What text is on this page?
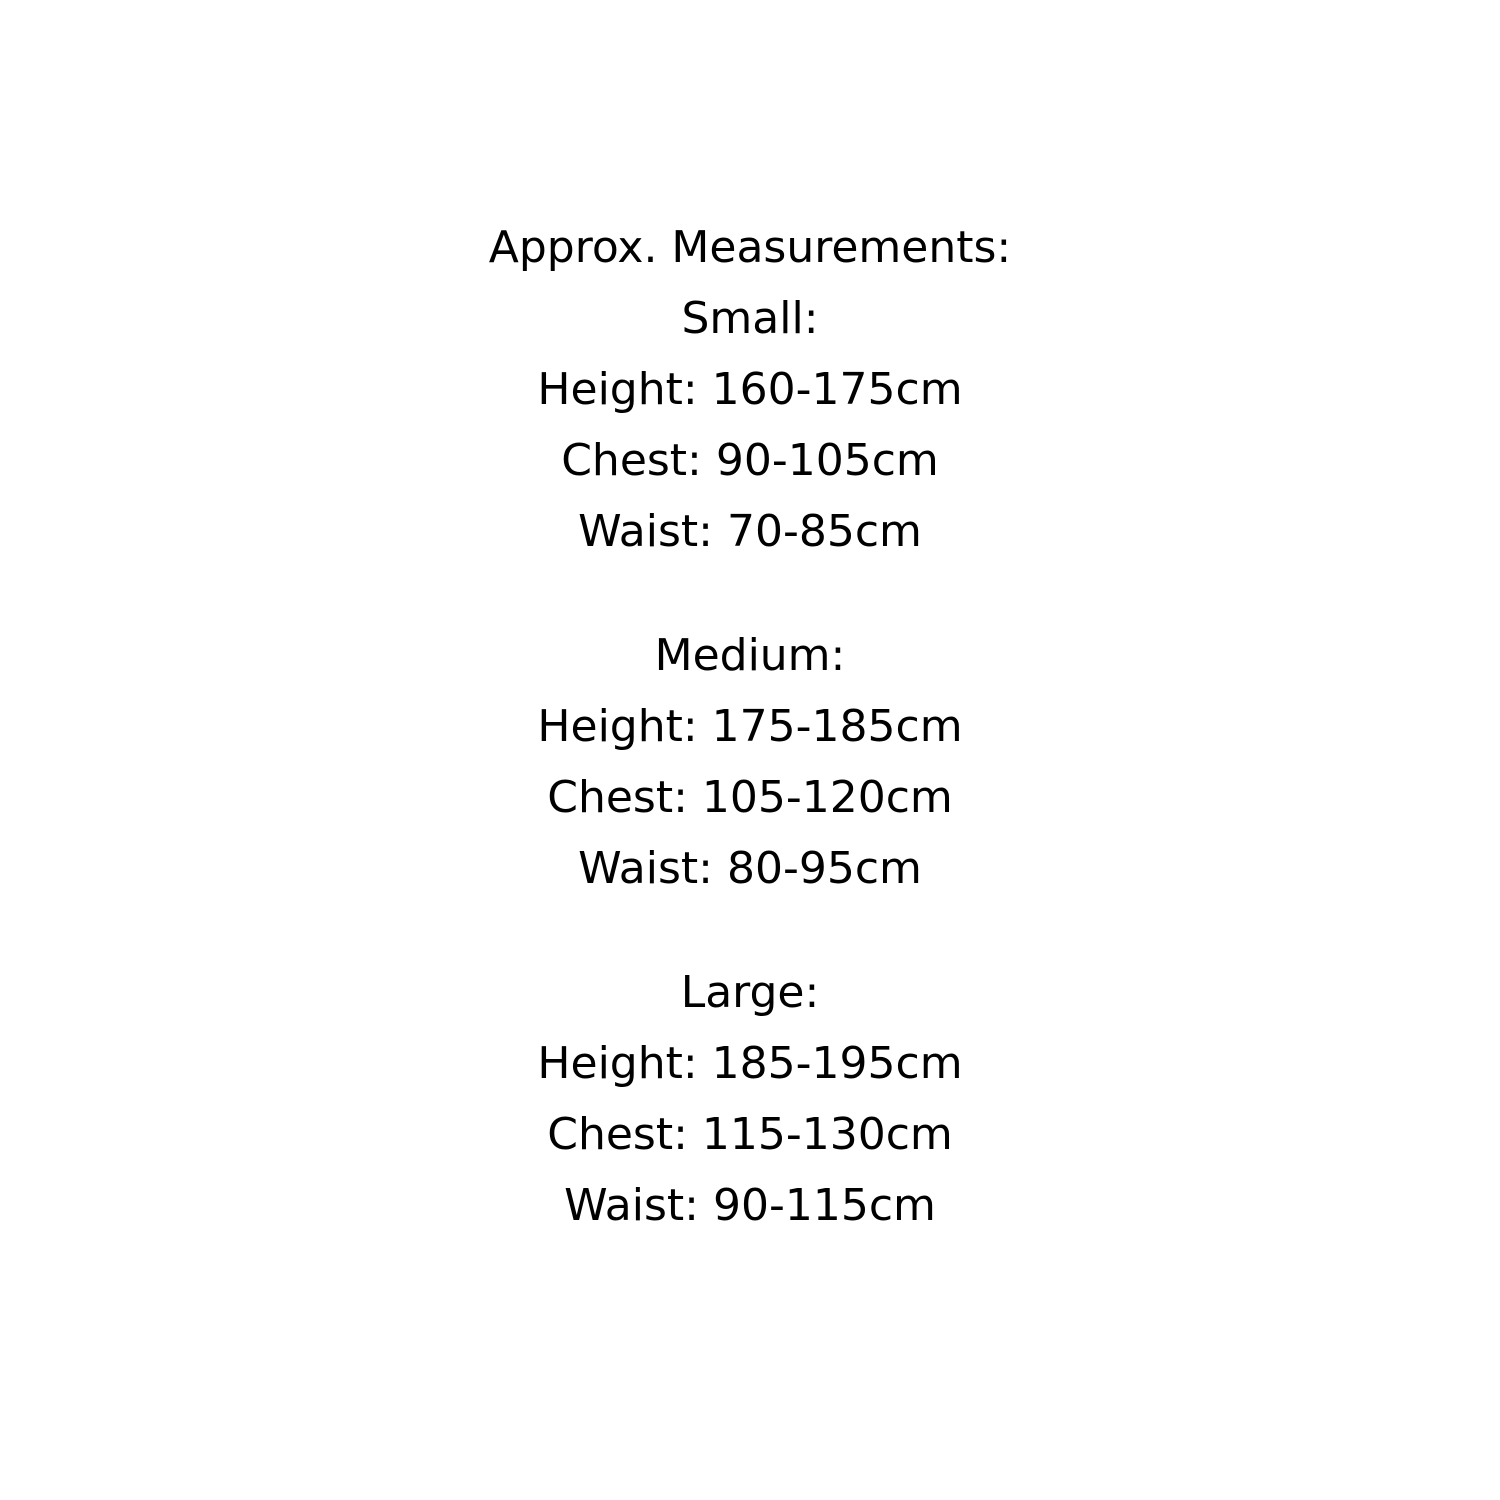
Approx. Measurements:
Small:
Height: 160-175cm
Chest: 90-105cm
Waist: 70-85cm
Medium:
Height: 175-185cm
Chest: 105-120cm
Waist: 80-95cm
Large:
Height: 185-195cm
Chest: 115-130cm
Waist: 90-115cm
